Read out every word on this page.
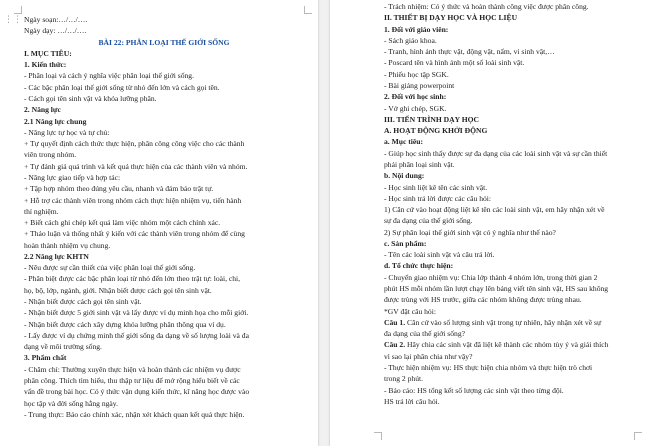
⋮⋮ Ngày soạn:…/…/….
Ngày dạy: …/…/….
BÀI 22: PHÂN LOẠI THẾ GIỚI SỐNG
I. MỤC TIÊU:
1. Kiến thức:
- Phân loại và cách ý nghĩa việc phân loại thế giới sống.
- Các bậc phân loại thế giới sống từ nhỏ đến lớn và cách gọi tên.
- Cách gọi tên sinh vật và khóa lưỡng phân.
2. Năng lực
2.1 Năng lực chung
- Năng lực tự học và tự chủ:
+ Tự quyết định cách thức thực hiện, phân công công việc cho các thành
viên trong nhóm.
+ Tự đánh giá quá trình và kết quả thực hiện của các thành viên và nhóm.
- Năng lực giao tiếp và hợp tác:
+ Tập hợp nhóm theo đúng yêu cầu, nhanh và đảm bảo trật tự.
+ Hỗ trợ các thành viên trong nhóm cách thực hiện nhiệm vụ, tiến hành
thí nghiệm.
+ Biết cách ghi chép kết quả làm việc nhóm một cách chính xác.
+ Thảo luận và thống nhất ý kiến với các thành viên trong nhóm để cùng
hoàn thành nhiệm vụ chung.
2.2 Năng lực KHTN
- Nêu được sự cần thiết của việc phân loại thế giới sống.
- Phân biệt được các bậc phân loại từ nhỏ đến lớn theo trật tự: loài, chi,
họ, bộ, lớp, ngành, giới. Nhận biết được cách gọi tên sinh vật.
- Nhận biết được cách gọi tên sinh vật.
- Nhận biết được 5 giới sinh vật và lấy được ví dụ minh họa cho mỗi giới.
- Nhận biết được cách xây dựng khóa lưỡng phân thông qua ví dụ.
- Lấy được ví dụ chứng minh thế giới sống đa dạng về số lượng loài và đa
dạng về môi trường sống.
3. Phẩm chất
- Chăm chỉ: Thường xuyên thực hiện và hoàn thành các nhiệm vụ được
phân công. Thích tìm hiểu, thu thập tư liệu để mở rộng hiểu biết về các
vấn đề trong bài học. Có ý thức vận dụng kiến thức, kĩ năng học được vào
học tập và đời sống hằng ngày.
- Trung thực: Báo cáo chính xác, nhận xét khách quan kết quả thực hiện.
- Trách nhiệm: Có ý thức và hoàn thành công việc được phân công.
II. THIẾT BỊ DẠY HỌC VÀ HỌC LIỆU
1. Đối với giáo viên:
- Sách giáo khoa.
- Tranh, hình ảnh thực vật, động vật, nấm, vi sinh vật,…
- Poscard tên và hình ảnh một số loài sinh vật.
- Phiếu học tập SGK.
- Bài giảng powerpoint
2. Đối với học sinh:
- Vở ghi chép, SGK.
III. TIẾN TRÌNH DẠY HỌC
A. HOẠT ĐỘNG KHỞI ĐỘNG
a. Mục tiêu:
- Giúp học sinh thấy được sự đa dạng của các loài sinh vật và sự cần thiết
phải phân loại sinh vật.
b. Nội dung:
- Học sinh liệt kê tên các sinh vật.
- Học sinh trả lời được các câu hỏi:
1) Căn cứ vào hoạt động liệt kê tên các loài sinh vật, em hãy nhận xét về
sự đa dạng của thế giới sống.
2) Sự phân loại thế giới sinh vật có ý nghĩa như thế nào?
c. Sản phẩm:
- Tên các loài sinh vật và câu trả lời.
d. Tổ chức thực hiện:
- Chuyển giao nhiệm vụ: Chia lớp thành 4 nhóm lớn, trong thời gian 2
phút HS mỗi nhóm lần lượt chạy lên bảng viết tên sinh vật, HS sau không
được trùng với HS trước, giữa các nhóm không được trùng nhau.
*GV đặt câu hỏi:
Câu 1. Căn cứ vào số lượng sinh vật trong tự nhiên, hãy nhận xét về sự
đa dạng của thế giới sống?
Câu 2. Hãy chia các sinh vật đã liệt kê thành các nhóm tùy ý và giải thích
vì sao lại phân chia như vậy?
- Thực hiện nhiệm vụ: HS thực hiện chia nhóm và thực hiện trò chơi
trong 2 phút.
- Báo cáo: HS tổng kết số lượng các sinh vật theo từng đội.
HS trả lời câu hỏi.
